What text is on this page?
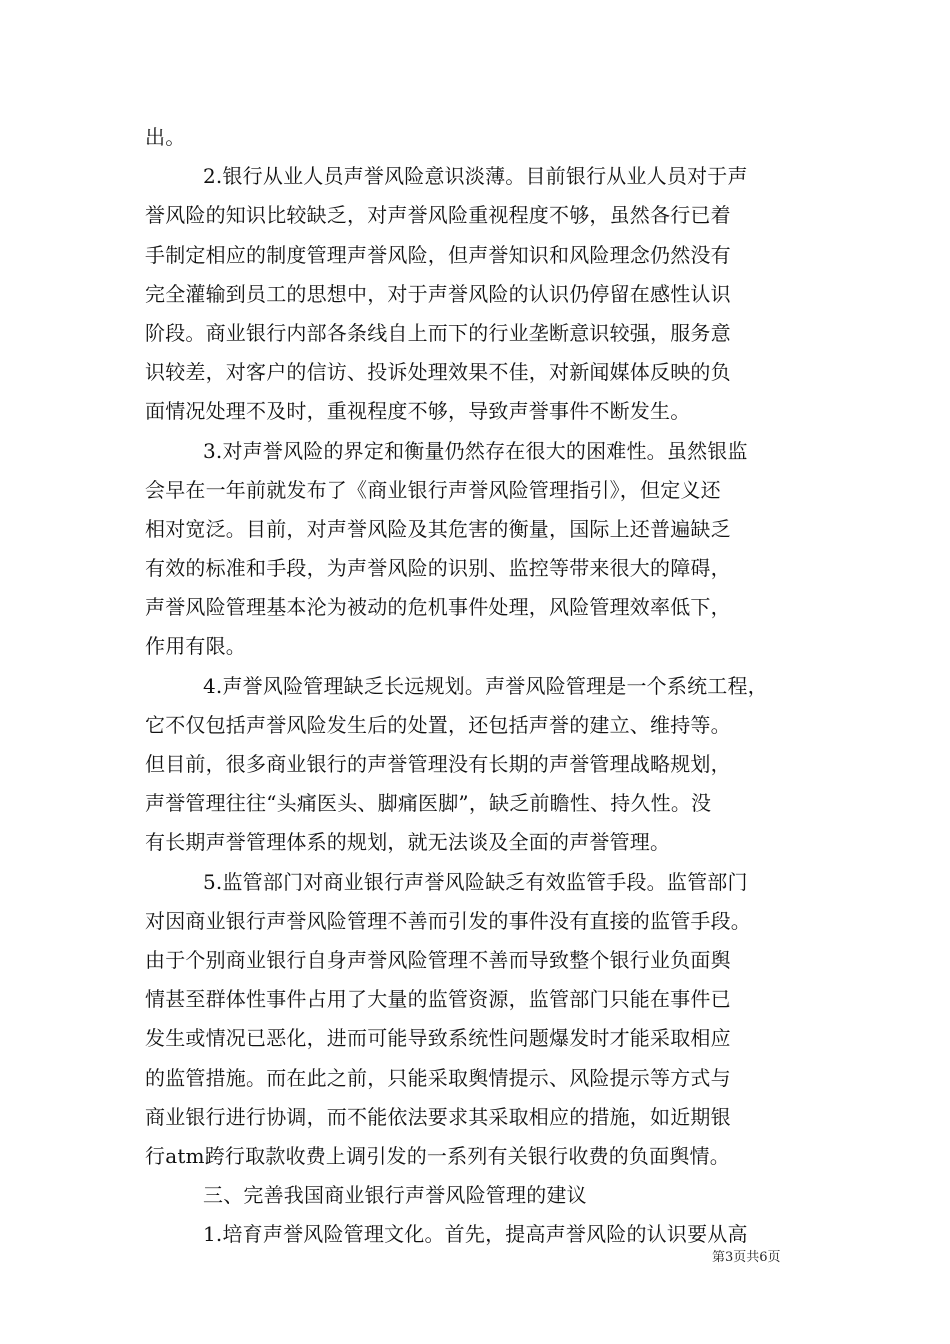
出。
2.银行从业人员声誉风险意识淡薄。目前银行从业人员对于声
誉风险的知识比较缺乏，对声誉风险重视程度不够，虽然各行已着
手制定相应的制度管理声誉风险，但声誉知识和风险理念仍然没有
完全灌输到员工的思想中，对于声誉风险的认识仍停留在感性认识
阶段。商业银行内部各条线自上而下的行业垄断意识较强，服务意
识较差，对客户的信访、投诉处理效果不佳，对新闻媒体反映的负
面情况处理不及时，重视程度不够，导致声誉事件不断发生。
3.对声誉风险的界定和衡量仍然存在很大的困难性。虽然银监
会早在一年前就发布了《商业银行声誉风险管理指引》，但定义还
相对宽泛。目前，对声誉风险及其危害的衡量，国际上还普遍缺乏
有效的标准和手段，为声誉风险的识别、监控等带来很大的障碍，
声誉风险管理基本沦为被动的危机事件处理，风险管理效率低下，
作用有限。
4.声誉风险管理缺乏长远规划。声誉风险管理是一个系统工程，
它不仅包括声誉风险发生后的处置，还包括声誉的建立、维持等。
但目前，很多商业银行的声誉管理没有长期的声誉管理战略规划，
声誉管理往往“头痛医头、脚痛医脚”，缺乏前瞻性、持久性。没
有长期声誉管理体系的规划，就无法谈及全面的声誉管理。
5.监管部门对商业银行声誉风险缺乏有效监管手段。监管部门
对因商业银行声誉风险管理不善而引发的事件没有直接的监管手段。
由于个别商业银行自身声誉风险管理不善而导致整个银行业负面舆
情甚至群体性事件占用了大量的监管资源，监管部门只能在事件已
发生或情况已恶化，进而可能导致系统性问题爆发时才能采取相应
的监管措施。而在此之前，只能采取舆情提示、风险提示等方式与
商业银行进行协调，而不能依法要求其采取相应的措施，如近期银
行atm跨行取款收费上调引发的一系列有关银行收费的负面舆情。
三、完善我国商业银行声誉风险管理的建议
1.培育声誉风险管理文化。首先，提高声誉风险的认识要从高
第3页共6页
